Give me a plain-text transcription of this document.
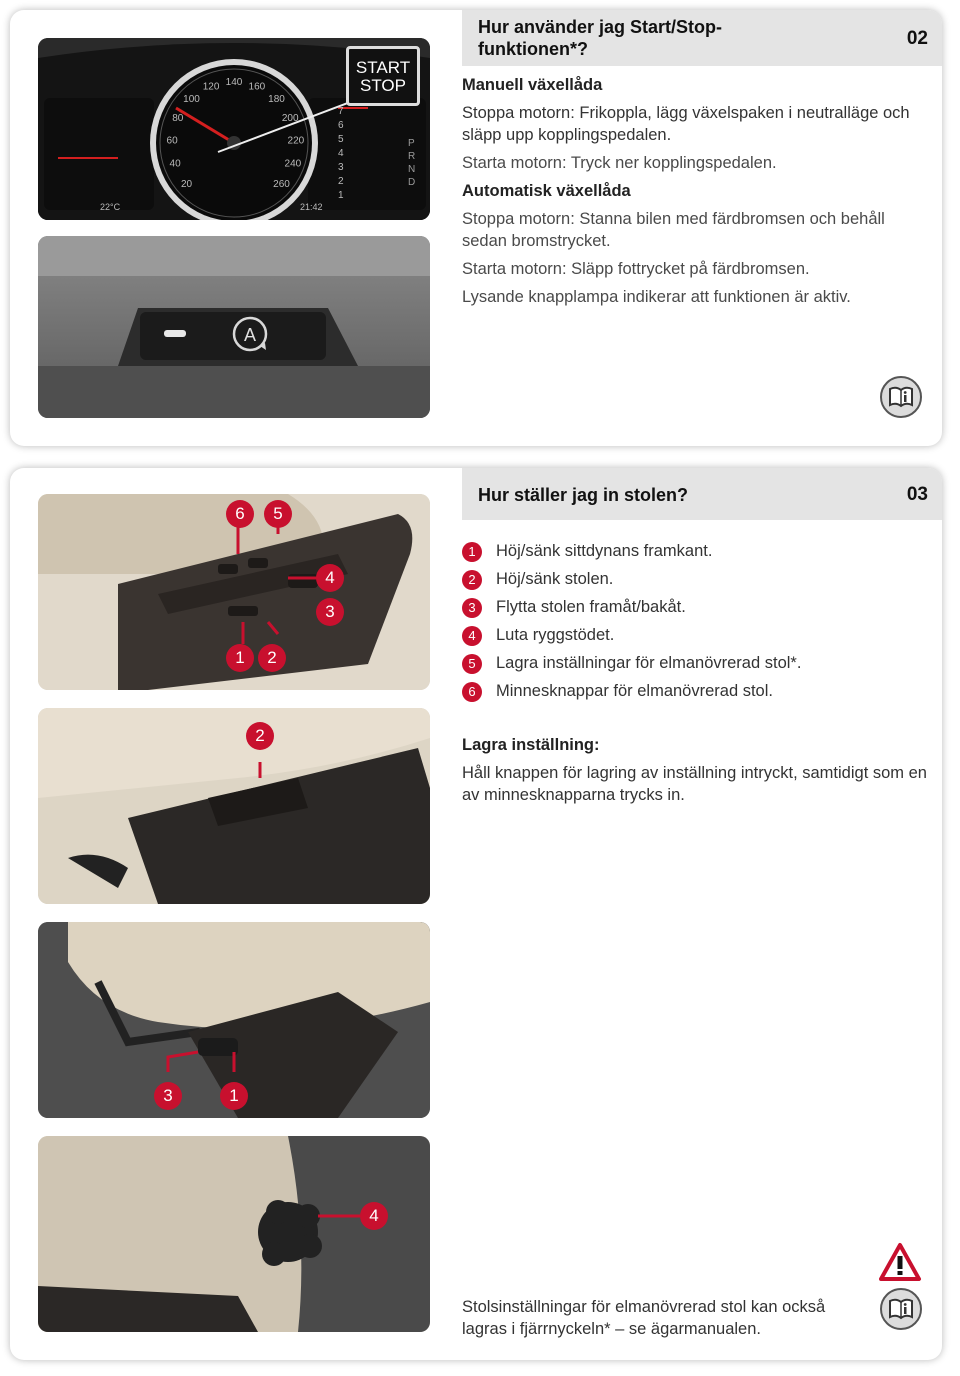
Hur använder jag Start/Stop-funktionen*?	02
20
40
60
80
100
120 140 160
180
200
220
240
260
1
2
3
4
5
6
7
P
R
N
D
22°C	21:42
START
STOP
A
Manuell växellåda
Stoppa motorn: Frikoppla, lägg växelspaken i neutralläge och släpp upp kopplingspedalen.
Starta motorn: Tryck ner kopplingspedalen.
Automatisk växellåda
Stoppa motorn: Stanna bilen med färdbromsen och behåll sedan bromstrycket.
Starta motorn: Släpp fottrycket på färdbromsen.
Lysande knapplampa indikerar att funktionen är aktiv.
Hur ställer jag in stolen?	03
6	5
4
3
1	2
2
3	1
4
1 Höj/sänk sittdynans framkant.
2 Höj/sänk stolen.
3 Flytta stolen framåt/bakåt.
4 Luta ryggstödet.
5 Lagra inställningar för elmanövrerad stol*.
6 Minnesknappar för elmanövrerad stol.
Lagra inställning:
Håll knappen för lagring av inställning intryckt, samtidigt som en av minnesknapparna trycks in.
Stolsinställningar för elmanövrerad stol kan också lagras i fjärrnyckeln* – se ägarmanualen.
